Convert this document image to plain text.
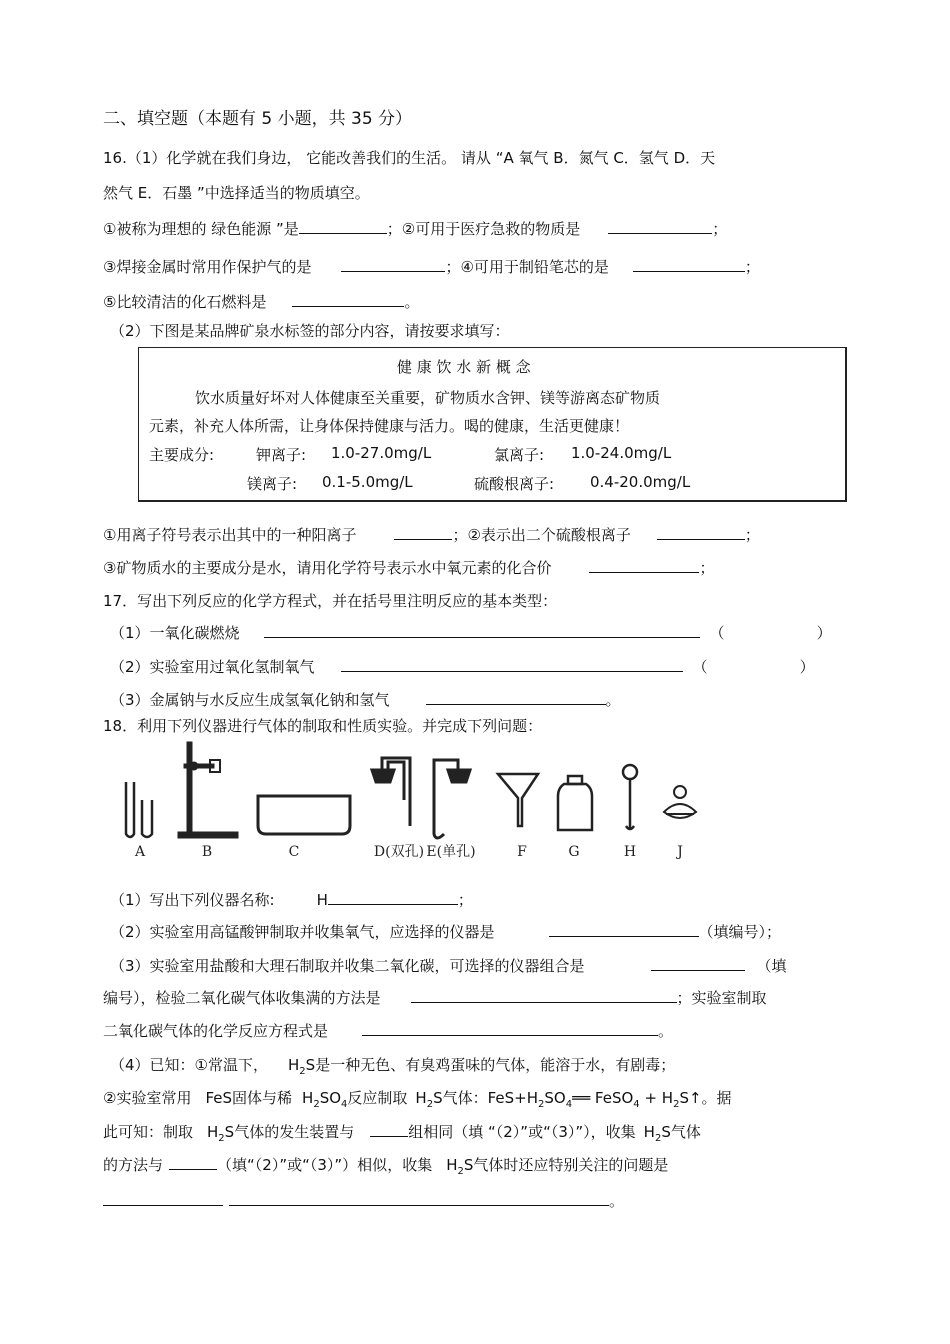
二、填空题（本题有 5 小题，共 35 分）
16.（1）化学就在我们身边， 它能改善我们的生活。 请从 “A 氧气 B．氮气 C．氢气 D．天
然气 E．石墨 ”中选择适当的物质填空。
①被称为理想的 绿色能源 ”是	；②可用于医疗急救的物质是	；
③焊接金属时常用作保护气的是	；④可用于制铅笔芯的是	；
⑤比较清洁的化石燃料是	。
（2）下图是某品牌矿泉水标签的部分内容，请按要求填写：
健 康 饮 水 新 概 念
饮水质量好坏对人体健康至关重要，矿物质水含钾、镁等游离态矿物质
元素，补充人体所需，让身体保持健康与活力。喝的健康，生活更健康！
主要成分:	钾离子: 1.0-27.0mg/L	氯离子: 1.0-24.0mg/L
镁离子: 0.1-5.0mg/L	硫酸根离子: 0.4-20.0mg/L
①用离子符号表示出其中的一种阳离子	；②表示出二个硫酸根离子	；
③矿物质水的主要成分是水，请用化学符号表示水中氧元素的化合价	；
17．写出下列反应的化学方程式，并在括号里注明反应的基本类型：
（1）一氧化碳燃烧	（	）
（2）实验室用过氧化氢制氧气	（	）
（3）金属钠与水反应生成氢氧化钠和氢气	。
18．利用下列仪器进行气体的制取和性质实验。并完成下列问题：
A	B	C	D(双孔) E(单孔)	F	G	H	J
（1）写出下列仪器名称:	H	；
（2）实验室用高锰酸钾制取并收集氧气，应选择的仪器是	（填编号）；
（3）实验室用盐酸和大理石制取并收集二氧化碳，可选择的仪器组合是	（填
编号），检验二氧化碳气体收集满的方法是	；实验室制取
二氧化碳气体的化学反应方程式是	。
（4）已知：①常温下， $H_2S$是一种无色、有臭鸡蛋味的气体，能溶于水，有剧毒；
②实验室常用 FeS固体与稀 $H_2SO_4$反应制取 $H_2S$气体：$FeS+H_2SO_4══$ FeSO$_4$ + $H_2S↑$。据
此可知：制取 $H_2S$气体的发生装置与	组相同（填 “（2）”或“（3）”），收集 $H_2S$气体
的方法与	（填“（2）”或“（3）”）相似，收集 $H_2S$气体时还应特别关注的问题是
。
